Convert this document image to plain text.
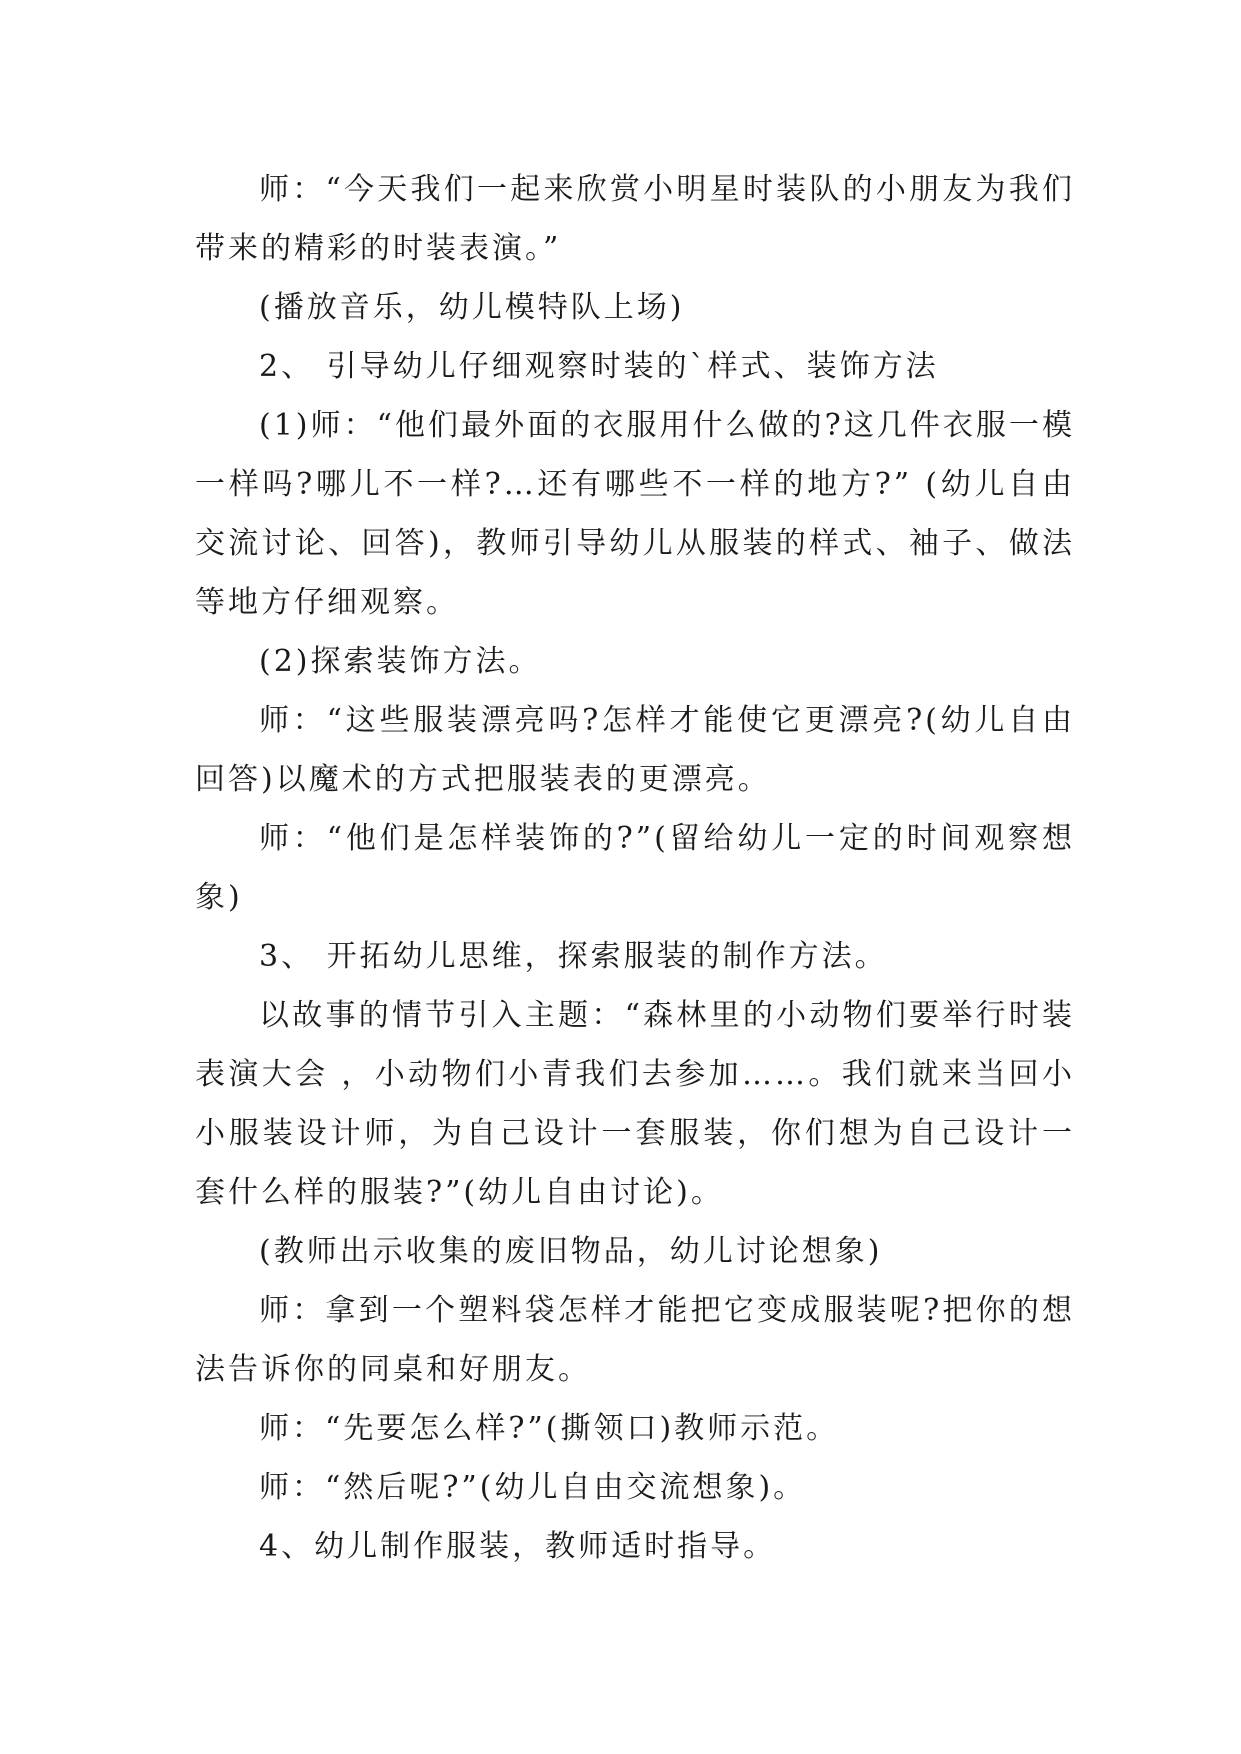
师：“今天我们一起来欣赏小明星时装队的小朋友为我们带来的精彩的时装表演。”

(播放音乐，幼儿模特队上场)

2、 引导幼儿仔细观察时装的`样式、装饰方法

(1)师：“他们最外面的衣服用什么做的?这几件衣服一模一样吗?哪儿不一样?…还有哪些不一样的地方?” (幼儿自由交流讨论、回答)，教师引导幼儿从服装的样式、袖子、做法等地方仔细观察。

(2)探索装饰方法。

师：“这些服装漂亮吗?怎样才能使它更漂亮?(幼儿自由回答)以魔术的方式把服装表的更漂亮。

师：“他们是怎样装饰的?”(留给幼儿一定的时间观察想象)

3、 开拓幼儿思维，探索服装的制作方法。

以故事的情节引入主题：“森林里的小动物们要举行时装表演大会 ，小动物们小青我们去参加……。我们就来当回小小服装设计师，为自己设计一套服装，你们想为自己设计一套什么样的服装?”(幼儿自由讨论)。

(教师出示收集的废旧物品，幼儿讨论想象)

师：拿到一个塑料袋怎样才能把它变成服装呢?把你的想法告诉你的同桌和好朋友。

师：“先要怎么样?”(撕领口)教师示范。

师：“然后呢?”(幼儿自由交流想象)。

4、幼儿制作服装，教师适时指导。
